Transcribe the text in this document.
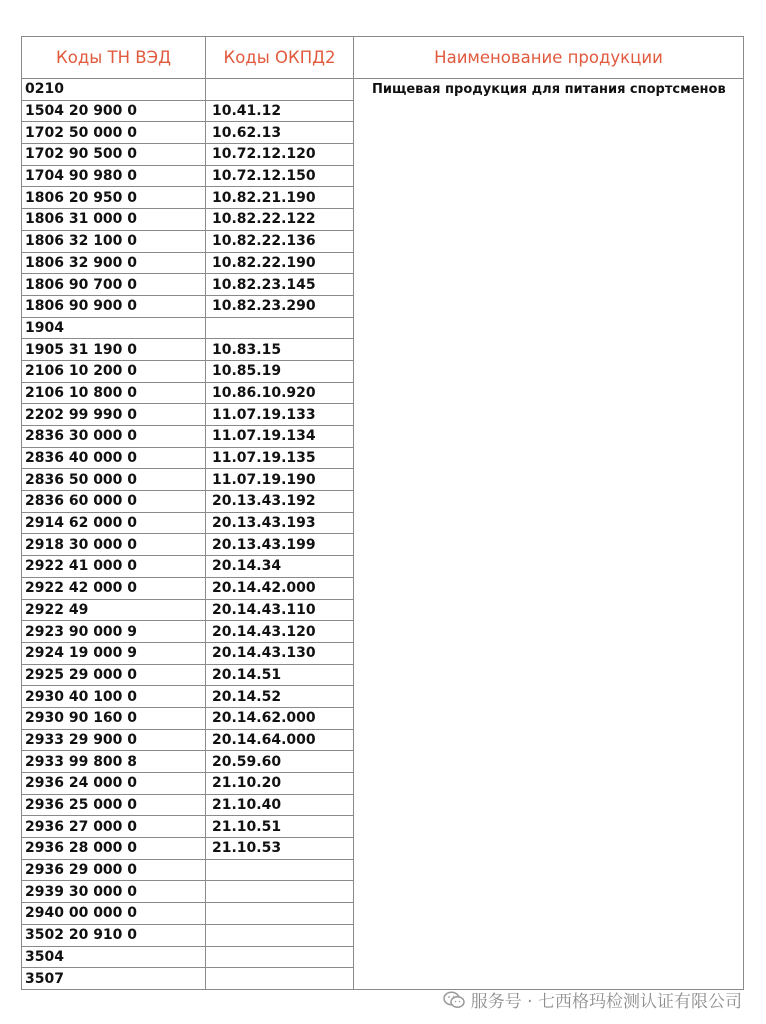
Коды ТН ВЭД	Коды ОКПД2	Наименование продукции
0210		Пищевая продукция для питания спортсменов
1504 20 900 0	10.41.12	
1702 50 000 0	10.62.13	
1702 90 500 0	10.72.12.120	
1704 90 980 0	10.72.12.150	
1806 20 950 0	10.82.21.190	
1806 31 000 0	10.82.22.122	
1806 32 100 0	10.82.22.136	
1806 32 900 0	10.82.22.190	
1806 90 700 0	10.82.23.145	
1806 90 900 0	10.82.23.290	
1904		
1905 31 190 0	10.83.15	
2106 10 200 0	10.85.19	
2106 10 800 0	10.86.10.920	
2202 99 990 0	11.07.19.133	
2836 30 000 0	11.07.19.134	
2836 40 000 0	11.07.19.135	
2836 50 000 0	11.07.19.190	
2836 60 000 0	20.13.43.192	
2914 62 000 0	20.13.43.193	
2918 30 000 0	20.13.43.199	
2922 41 000 0	20.14.34	
2922 42 000 0	20.14.42.000	
2922 49	20.14.43.110	
2923 90 000 9	20.14.43.120	
2924 19 000 9	20.14.43.130	
2925 29 000 0	20.14.51	
2930 40 100 0	20.14.52	
2930 90 160 0	20.14.62.000	
2933 29 900 0	20.14.64.000	
2933 99 800 8	20.59.60	
2936 24 000 0	21.10.20	
2936 25 000 0	21.10.40	
2936 27 000 0	21.10.51	
2936 28 000 0	21.10.53	
2936 29 000 0		
2939 30 000 0		
2940 00 000 0		
3502 20 910 0		
3504		
3507		
服务号 · 七西格玛检测认证有限公司
